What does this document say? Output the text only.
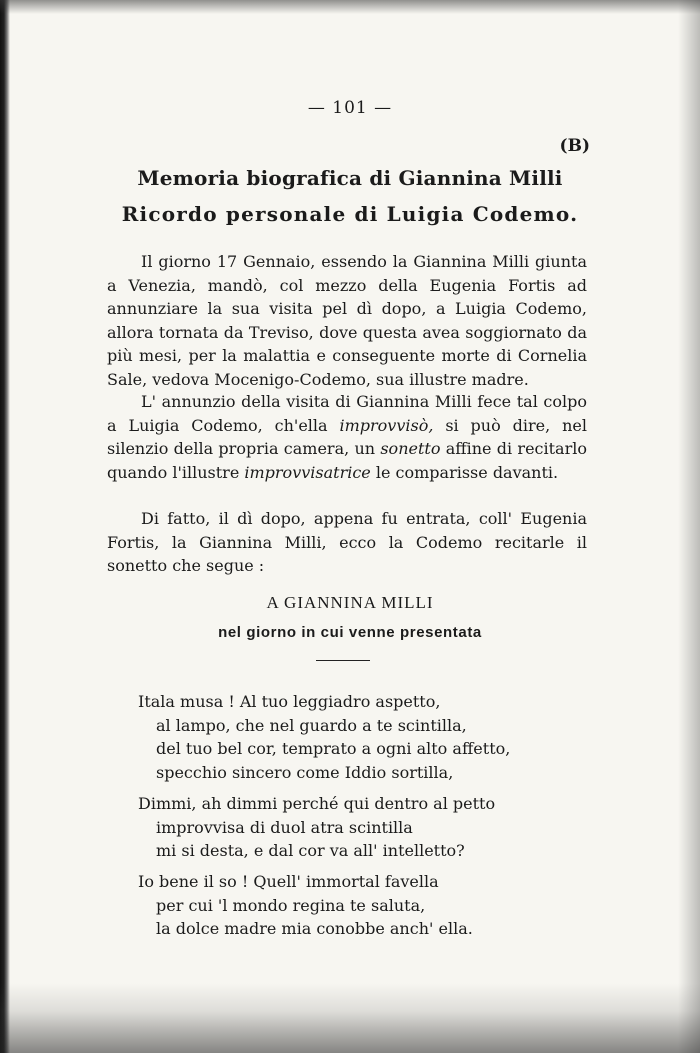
— 101 —
(B)
Memoria biografica di Giannina Milli
Ricordo personale di Luigia Codemo.

Il giorno 17 Gennaio, essendo la Giannina Milli giunta a Venezia, mandò, col mezzo della Eugenia Fortis ad annunziare la sua visita pel dì dopo, a Luigia Codemo, allora tornata da Treviso, dove questa avea soggiornato da più mesi, per la malattia e conseguente morte di Cornelia Sale, vedova Mocenigo-Codemo, sua illustre madre.

L' annunzio della visita di Giannina Milli fece tal colpo a Luigia Codemo, ch'ella improvvisò, si può dire, nel silenzio della propria camera, un sonetto affine di recitarlo quando l'illustre improvvisatrice le comparisse davanti.

Di fatto, il dì dopo, appena fu entrata, coll' Eugenia Fortis, la Giannina Milli, ecco la Codemo recitarle il sonetto che segue :

A GIANNINA MILLI
nel giorno in cui venne presentata
Itala musa ! Al tuo leggiadro aspetto,
al lampo, che nel guardo a te scintilla,
del tuo bel cor, temprato a ogni alto affetto,
specchio sincero come Iddio sortilla,
Dimmi, ah dimmi perché qui dentro al petto
improvvisa di duol atra scintilla
mi si desta, e dal cor va all' intelletto?
Io bene il so ! Quell' immortal favella
per cui 'l mondo regina te saluta,
la dolce madre mia conobbe anch' ella.
